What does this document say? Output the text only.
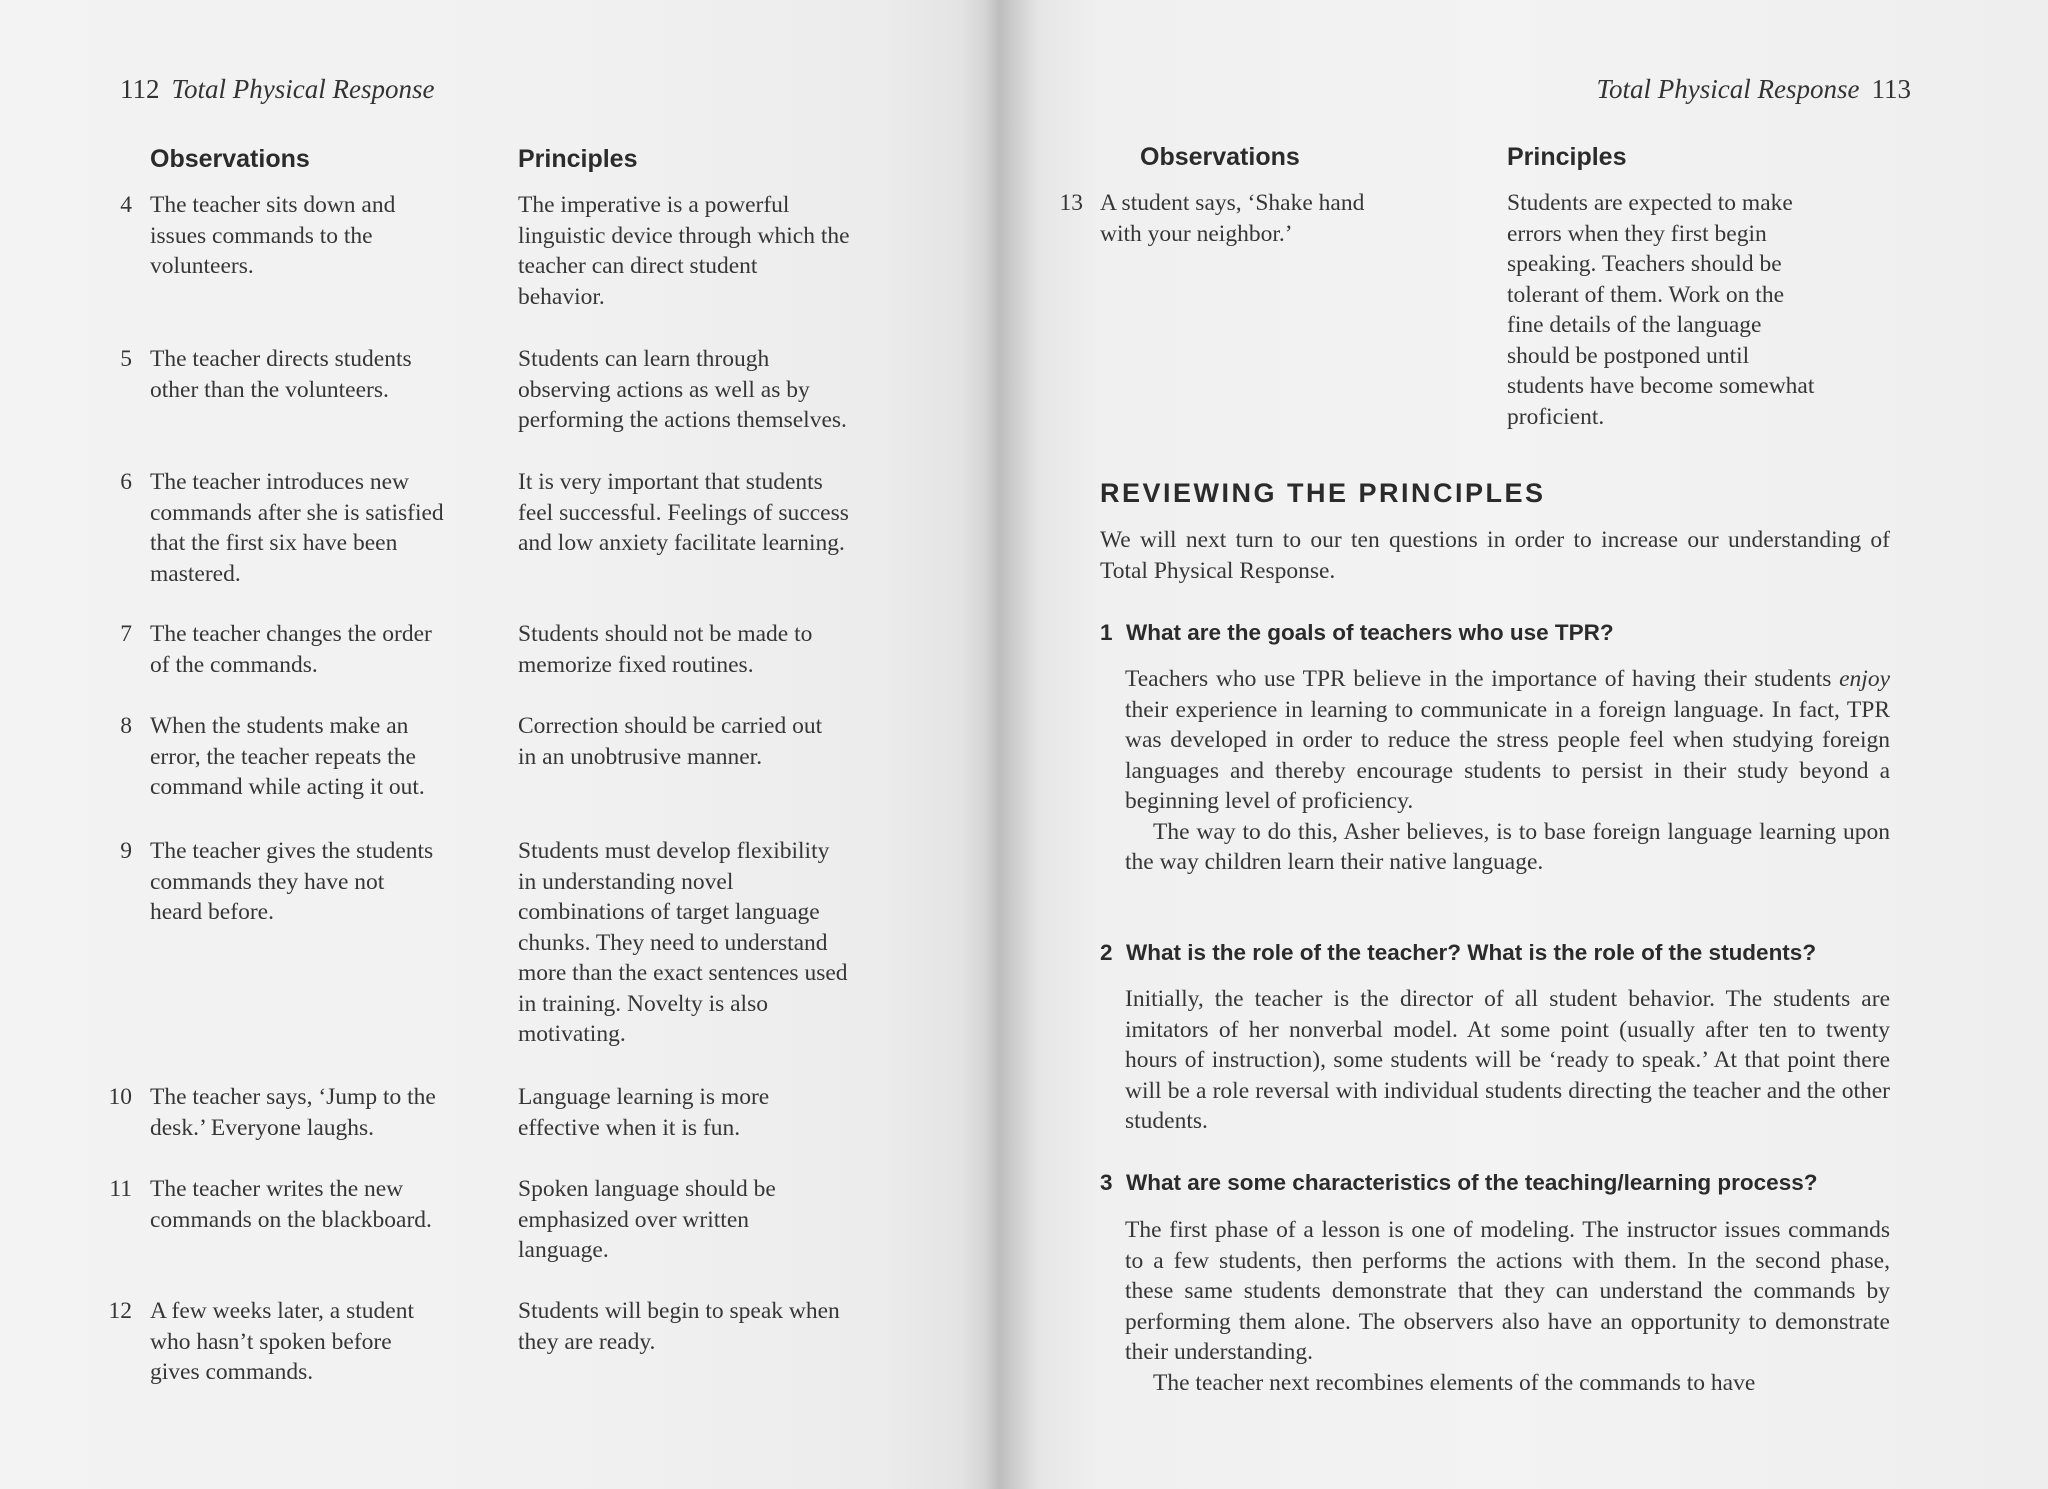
112 Total Physical Response
Observations	Principles
4 The teacher sits down and
issues commands to the
volunteers.
The imperative is a powerful
linguistic device through which the
teacher can direct student
behavior.
5 The teacher directs students
other than the volunteers.
Students can learn through
observing actions as well as by
performing the actions themselves.
6 The teacher introduces new
commands after she is satisfied
that the first six have been
mastered.
It is very important that students
feel successful. Feelings of success
and low anxiety facilitate learning.
7 The teacher changes the order
of the commands.
Students should not be made to
memorize fixed routines.
8 When the students make an
error, the teacher repeats the
command while acting it out.
Correction should be carried out
in an unobtrusive manner.
9 The teacher gives the students
commands they have not
heard before.
Students must develop flexibility
in understanding novel
combinations of target language
chunks. They need to understand
more than the exact sentences used
in training. Novelty is also
motivating.
10 The teacher says, ‘Jump to the
desk.’ Everyone laughs.
Language learning is more
effective when it is fun.
11 The teacher writes the new
commands on the blackboard.
Spoken language should be
emphasized over written
language.
12 A few weeks later, a student
who hasn’t spoken before
gives commands.
Students will begin to speak when
they are ready.
Total Physical Response 113
Observations	Principles
13 A student says, ‘Shake hand
with your neighbor.’
Students are expected to make
errors when they first begin
speaking. Teachers should be
tolerant of them. Work on the
fine details of the language
should be postponed until
students have become somewhat
proficient.
REVIEWING THE PRINCIPLES
We will next turn to our ten questions in order to increase our understanding of Total Physical Response.
1 What are the goals of teachers who use TPR?

Teachers who use TPR believe in the importance of having their students enjoy their experience in learning to communicate in a foreign language. In fact, TPR was developed in order to reduce the stress people feel when studying foreign languages and thereby encourage students to persist in their study beyond a beginning level of proficiency.

The way to do this, Asher believes, is to base foreign language learning upon the way children learn their native language.

2 What is the role of the teacher? What is the role of the students?

Initially, the teacher is the director of all student behavior. The students are imitators of her nonverbal model. At some point (usually after ten to twenty hours of instruction), some students will be ‘ready to speak.’ At that point there will be a role reversal with individual students directing the teacher and the other students.

3 What are some characteristics of the teaching/learning process?

The first phase of a lesson is one of modeling. The instructor issues commands to a few students, then performs the actions with them. In the second phase, these same students demonstrate that they can understand the commands by performing them alone. The observers also have an opportunity to demonstrate their understanding.

The teacher next recombines elements of the commands to have
